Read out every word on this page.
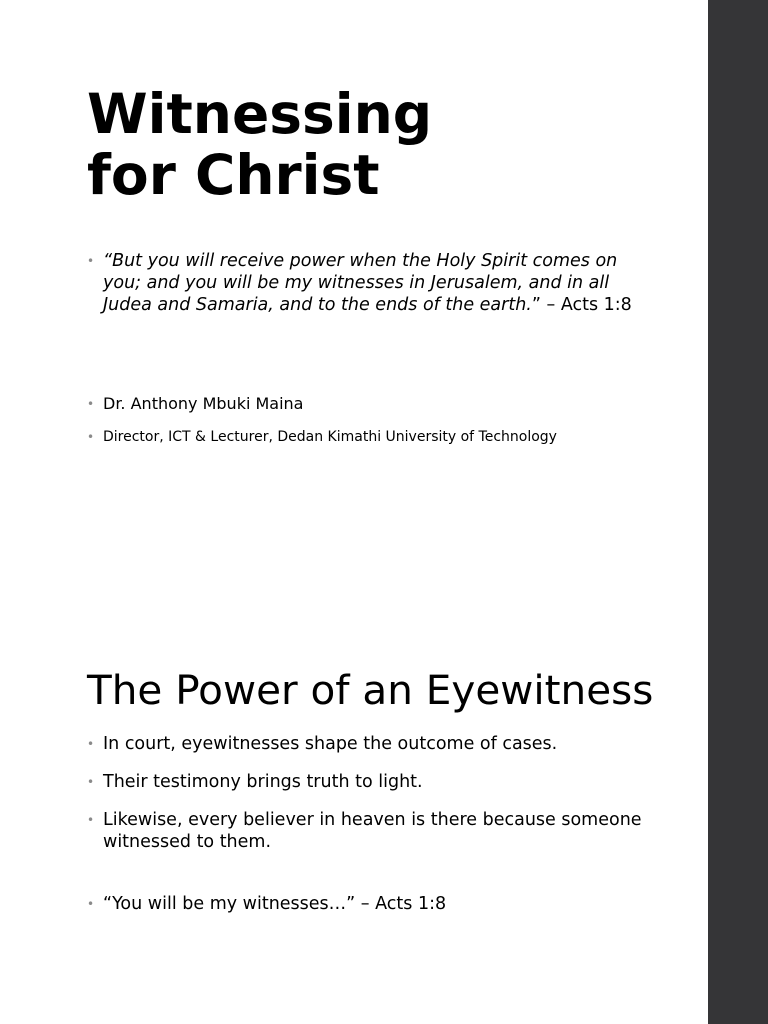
Witnessing
for Christ
• “But you will receive power when the Holy Spirit comes on you; and you will be my witnesses in Jerusalem, and in all Judea and Samaria, and to the ends of the earth.” – Acts 1:8
• Dr. Anthony Mbuki Maina
• Director, ICT & Lecturer, Dedan Kimathi University of Technology
The Power of an Eyewitness
• In court, eyewitnesses shape the outcome of cases.
• Their testimony brings truth to light.
• Likewise, every believer in heaven is there because someone witnessed to them.
• “You will be my witnesses…” – Acts 1:8
